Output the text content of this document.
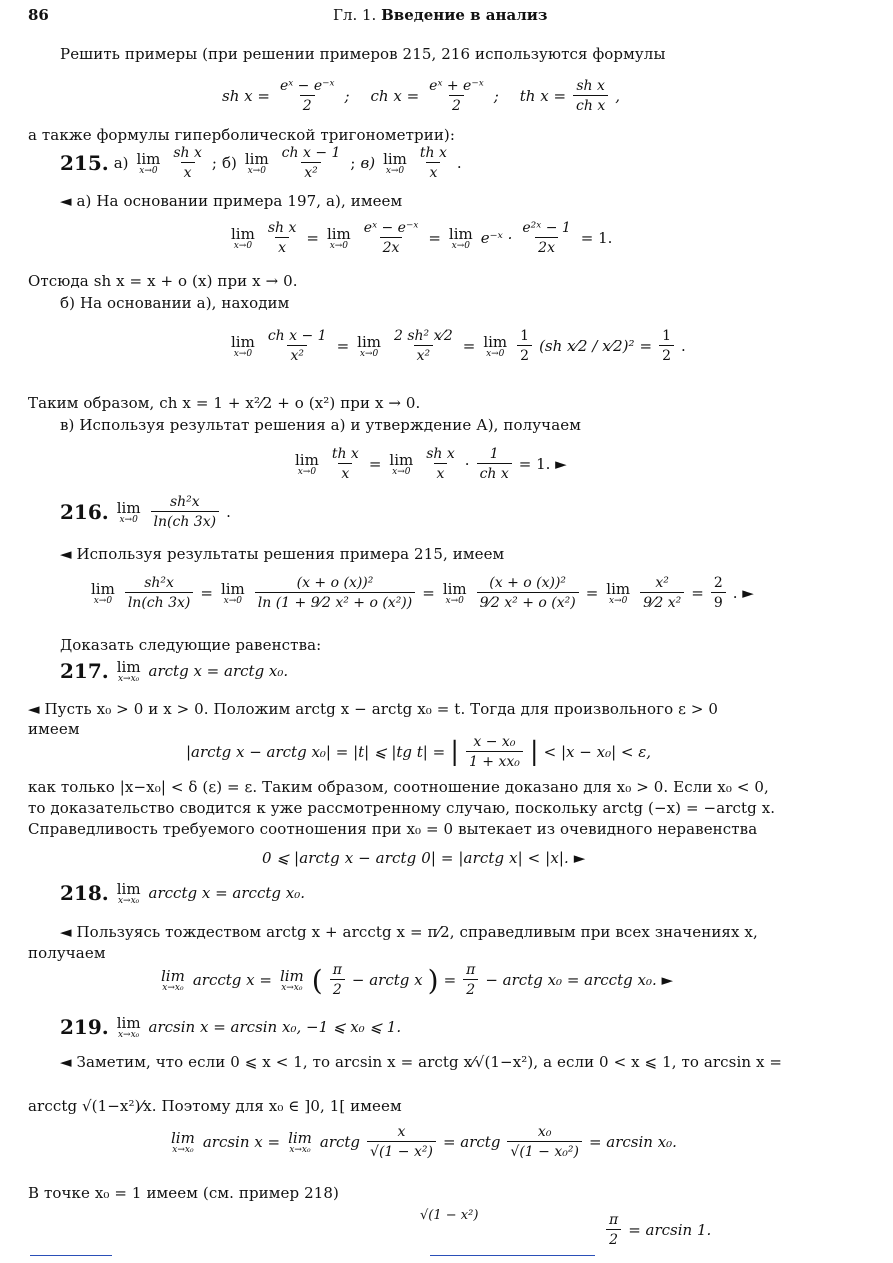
86	Гл. 1. Введение в анализ
Решить примеры (при решении примеров 215, 216 используются формулы
sh $x = \frac{\text{eˣ − e⁻ˣ}}{2}$ ; ch $x = \frac{\text{eˣ + e⁻ˣ}}{2}$ ; th $x = \frac{\text{sh x}}{\text{ch x}}$ ,
а также формулы гиперболической тригонометрии):
215. а) lim
$x\to 0 \frac{\text{sh x}}{x}$ ; б) lim
$x\to 0 \frac{\text{ch x − 1}}{\text{x²}}$ ; в) lim
$x\to 0 \frac{\text{th x}}{x}$ .
◄ а) На основании примера 197, а), имеем
lim
$x\to 0 \frac{\text{sh x}}{x} = \lim$
$x\to 0 \frac{\text{eˣ − e⁻ˣ}}{2x} = \lim$
x→0 e⁻ˣ · $\frac{\text{e²ˣ − 1}}{2x} = 1$.
Отсюда sh x = x + o (x) при x → 0.
б) На основании а), находим
lim
$x\to 0 \frac{\text{ch x − 1}}{\text{x²}} = \lim$
$x\to 0 \frac{\text{2 sh² x⁄2}}{\text{x²}} = \lim$
$x\to 0 \frac{1}{2} (sh$ x⁄2 / x⁄2)² = $\frac{1}{2}$ .
Таким образом, ch x = 1 + x²⁄2 + o (x²) при x → 0.
в) Используя результат решения а) и утверждение А), получаем
lim
$x\to 0 \frac{\text{th x}}{x} = \lim$
$x\to 0 \frac{\text{sh x}}{x} \cdot \frac{1}{\text{ch x}} = 1$. ►
216. lim
$x\to 0 \frac{\text{sh²x}}{\ln(ch 3x)}$ .
◄ Используя результаты решения примера 215, имеем
lim
$x\to 0 \frac{\text{sh²x}}{\ln(ch 3x)} = \lim$
$x\to 0 \frac{\text{(x + o (x))²}}{\text{ln (1 + 9⁄2 x² + o (x²))}} = \lim$
$x\to 0 \frac{\text{(x + o (x))²}}{\text{9⁄2 x² + o (x²)}} = \lim$
$x\to 0 \frac{\text{x²}}{\text{9⁄2 x²}} = \frac{2}{9}$ . ►
Доказать следующие равенства:
217. lim
x→x₀ arctg x = arctg x₀.
◄ Пусть x₀ > 0 и x > 0. Положим arctg x − arctg x₀ = t. Тогда для произвольного ε > 0
имеем
|arctg x − arctg x₀| = |t| ⩽ |tg t| = | $\frac{\text{x − x₀}}{\text{1 + xx₀}}$ | < |x − x₀| < ε,
как только |x−x₀| < δ (ε) = ε. Таким образом, соотношение доказано для x₀ > 0. Если x₀ < 0,
то доказательство сводится к уже рассмотренному случаю, поскольку arctg (−x) = −arctg x.
Справедливость требуемого соотношения при x₀ = 0 вытекает из очевидного неравенства
0 ⩽ |arctg x − arctg 0| = |arctg x| < |x|. ►
218. lim
x→x₀ arcctg x = arcctg x₀.
◄ Пользуясь тождеством arctg x + arcctg x = π⁄2, справедливым при всех значениях x,
получаем
lim
x→x₀ arcctg x = lim
x→x₀ ( $\frac{\pi}{2}$ − arctg x ) = $\frac{\pi}{2}$ − arctg x₀ = arcctg x₀. ►
219. lim
x→x₀ arcsin x = arcsin x₀, −1 ⩽ x₀ ⩽ 1.
◄ Заметим, что если 0 ⩽ x < 1, то arcsin x = arctg x⁄√(1−x²), а если 0 < x ⩽ 1, то arcsin x =
arcctg √(1−x²)⁄x. Поэтому для x₀ ∈ ]0, 1[ имеем
lim
x→x₀ arcsin x = lim
x→x₀ arctg $\frac{x}{\text{√(1 − x²)}}$ = arctg $\frac{\text{x₀}}{\text{√(1 − x₀²)}} = \arcsin x_0$.
В точке x₀ = 1 имеем (см. пример 218)
√(1 − x²)	$\frac{\pi}{2} = \arcsin 1$.
